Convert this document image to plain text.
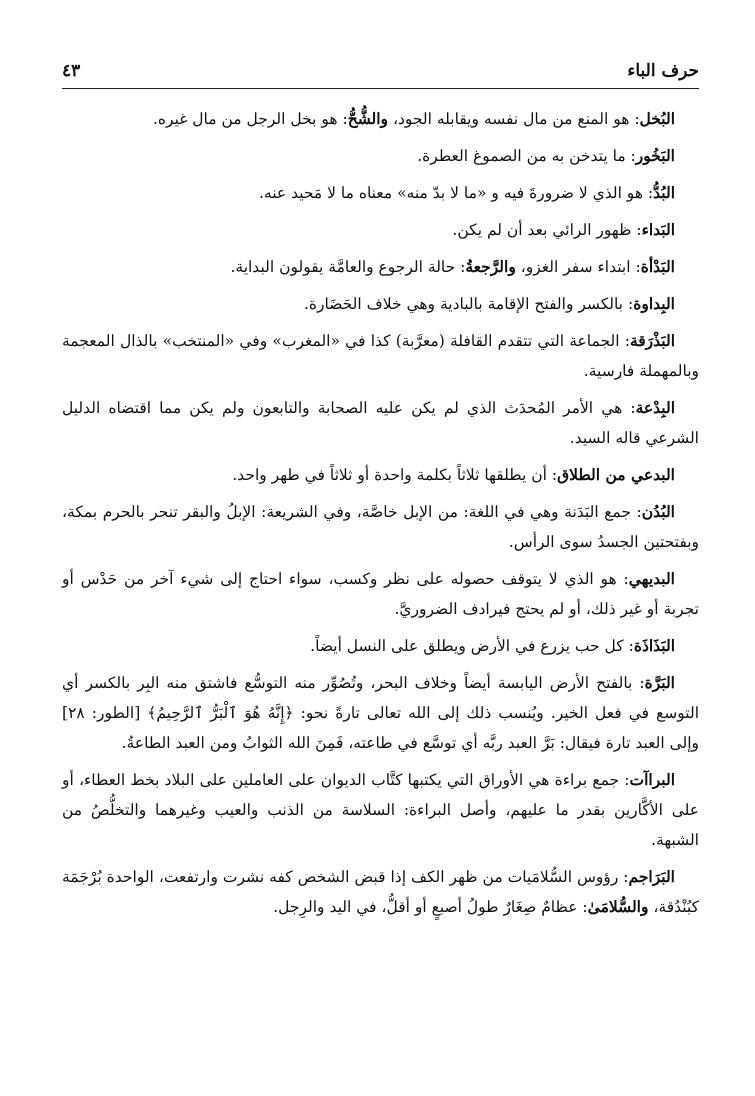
حرف الباء
٤٣

البُخل: هو المنع من مال نفسه ويقابله الجود، والشُّحُّ: هو بخل الرجل من مال غيره.

البَخُور: ما يتدخن به من الصموغ العطرة.

البُدُّ: هو الذي لا ضرورةَ فيه و «ما لا بدّ منه» معناه ما لا مَحيد عنه.

البَداء: ظهور الرائي بعد أن لم يكن.

البَدْأة: ابتداء سفر الغزو، والرَّجعةُ: حالة الرجوع والعامَّة يقولون البداية.

البِداوة: بالكسر والفتح الإقامة بالبادية وهي خلاف الحَضَارة.

البَذْرَقة: الجماعة التي تتقدم القافلة (معرَّبة) كذا في «المغرب» وفي «المنتخب» بالذال المعجمة وبالمهملة فارسية.

البِدْعة: هي الأمر المُحدَث الذي لم يكن عليه الصحابة والتابعون ولم يكن مما اقتضاه الدليل الشرعي قاله السيد.

البدعي من الطلاق: أن يطلقها ثلاثاً بكلمة واحدة أو ثلاثاً في طهر واحد.

البُدُن: جمع البَدَنة وهي في اللغة: من الإبل خاصَّة، وفي الشريعة: الإبلُ والبقر تنحر بالحرم بمكة، وبفتحتين الجسدُ سوى الرأس.

البديهي: هو الذي لا يتوقف حصوله على نظر وكسب، سواء احتاج إلى شيء آخر من حَدْس أو تجربة أو غير ذلك، أو لم يحتج فيرادف الضروريَّ.

البَذَاذَة: كل حب يزرع في الأرض ويطلق على النسل أيضاً.

البَرَّة: بالفتح الأرض اليابسة أيضاً وخلاف البحر، وتُصُوِّر منه التوسُّع فاشتق منه البِر بالكسر أي التوسع في فعل الخير. ويُنسب ذلك إلى الله تعالى تارةً نحو: ﴿إِنَّهُ هُوَ ٱلْبَرُّ ٱلرَّحِيمُ﴾ [الطور: ٢٨] وإلى العبد تارة فيقال: بَرَّ العبد ربَّه أي توسَّع في طاعته، فَمِنَ الله الثوابُ ومن العبد الطاعةُ.

البراآت: جمع براءة هي الأوراق التي يكتبها كتَّاب الديوان على العاملين على البلاد بخط العطاء، أو على الأكَّارين بقدر ما عليهم، وأصل البراءة: السلاسة من الذنب والعيب وغيرهما والتخلُّصُ من الشبهة.

البَرَاجم: رؤوس السُّلامَيات من ظهر الكف إذا قبض الشخص كفه نشرت وارتفعت، الواحدة بُرْجَمَة كبُنْدُقة، والسُّلامَىٰ: عظامٌ صِغَارٌ طولُ أصبعٍ أو أقلُّ، في اليد والرِجل.
